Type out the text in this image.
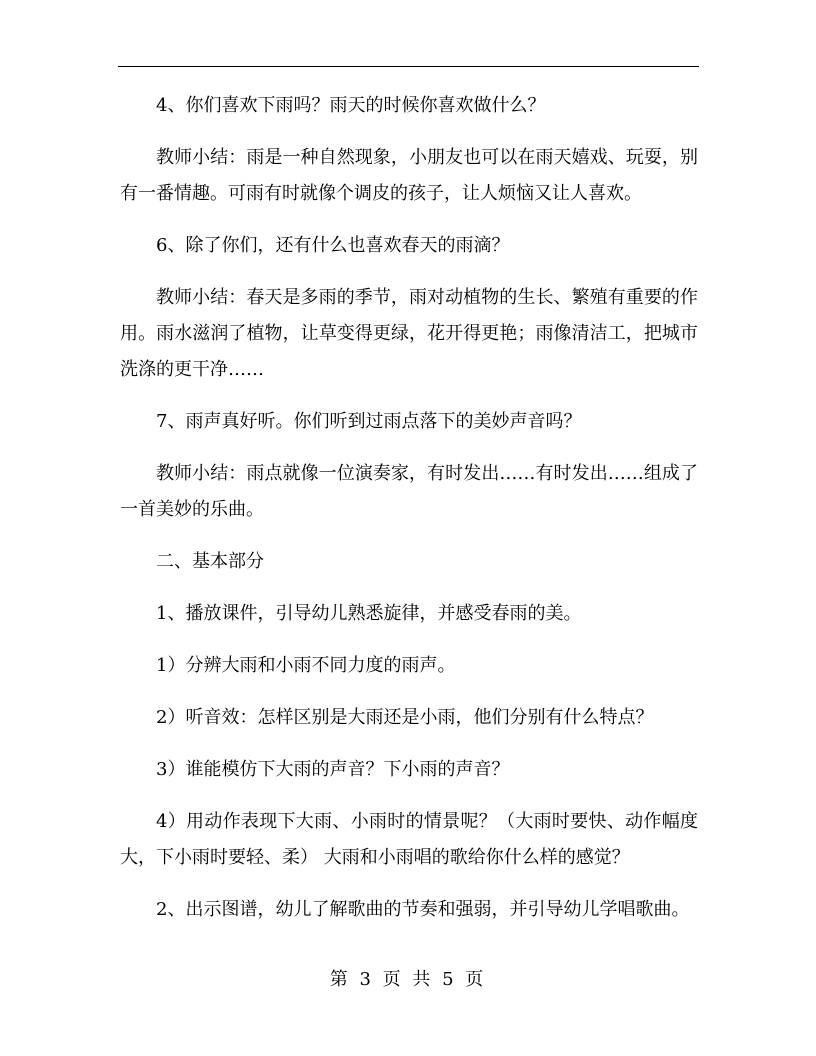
4、你们喜欢下雨吗？雨天的时候你喜欢做什么？

教师小结：雨是一种自然现象，小朋友也可以在雨天嬉戏、玩耍，别有一番情趣。可雨有时就像个调皮的孩子，让人烦恼又让人喜欢。

6、除了你们，还有什么也喜欢春天的雨滴？

教师小结：春天是多雨的季节，雨对动植物的生长、繁殖有重要的作用。雨水滋润了植物，让草变得更绿，花开得更艳；雨像清洁工，把城市洗涤的更干净……

7、雨声真好听。你们听到过雨点落下的美妙声音吗？

教师小结：雨点就像一位演奏家，有时发出……有时发出……组成了一首美妙的乐曲。

二、基本部分

1、播放课件，引导幼儿熟悉旋律，并感受春雨的美。

1）分辨大雨和小雨不同力度的雨声。

2）听音效：怎样区别是大雨还是小雨，他们分别有什么特点？

3）谁能模仿下大雨的声音？下小雨的声音？

4）用动作表现下大雨、小雨时的情景呢？（大雨时要快、动作幅度大，下小雨时要轻、柔） 大雨和小雨唱的歌给你什么样的感觉？

2、出示图谱，幼儿了解歌曲的节奏和强弱，并引导幼儿学唱歌曲。

第 3 页 共 5 页
